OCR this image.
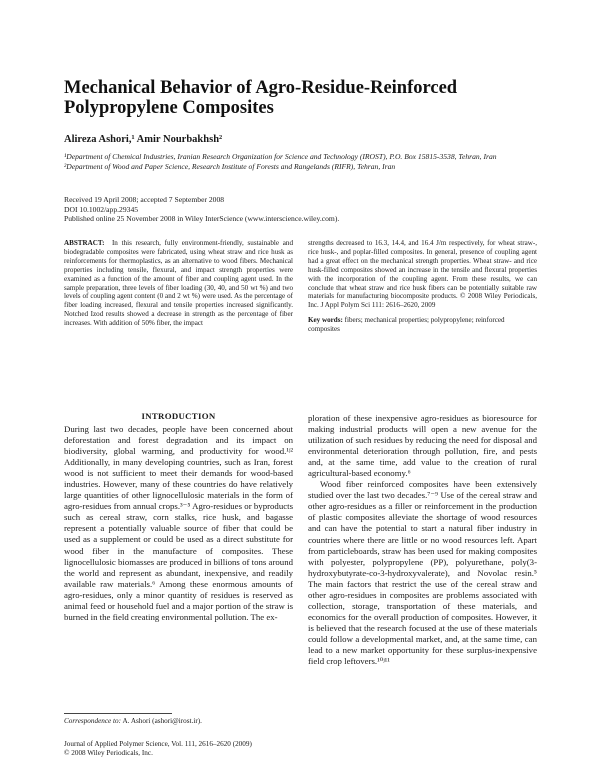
Mechanical Behavior of Agro-Residue-Reinforced Polypropylene Composites
Alireza Ashori,¹ Amir Nourbakhsh²
¹Department of Chemical Industries, Iranian Research Organization for Science and Technology (IROST), P.O. Box 15815-3538, Tehran, Iran
²Department of Wood and Paper Science, Research Institute of Forests and Rangelands (RIFR), Tehran, Iran
Received 19 April 2008; accepted 7 September 2008
DOI 10.1002/app.29345
Published online 25 November 2008 in Wiley InterScience (www.interscience.wiley.com).

ABSTRACT: In this research, fully environment-friendly, sustainable and biodegradable composites were fabricated, using wheat straw and rice husk as reinforcements for thermoplastics, as an alternative to wood fibers. Mechanical properties including tensile, flexural, and impact strength properties were examined as a function of the amount of fiber and coupling agent used. In the sample preparation, three levels of fiber loading (30, 40, and 50 wt %) and two levels of coupling agent content (0 and 2 wt %) were used. As the percentage of fiber loading increased, flexural and tensile properties increased significantly. Notched Izod results showed a decrease in strength as the percentage of fiber increases. With addition of 50% fiber, the impact

strengths decreased to 16.3, 14.4, and 16.4 J/m respectively, for wheat straw-, rice husk-, and poplar-filled composites. In general, presence of coupling agent had a great effect on the mechanical strength properties. Wheat straw- and rice husk-filled composites showed an increase in the tensile and flexural properties with the incorporation of the coupling agent. From these results, we can conclude that wheat straw and rice husk fibers can be potentially suitable raw materials for manufacturing biocomposite products. © 2008 Wiley Periodicals, Inc. J Appl Polym Sci 111: 2616–2620, 2009

Key words: fibers; mechanical properties; polypropylene; reinforced composites
INTRODUCTION

During last two decades, people have been concerned about deforestation and forest degradation and its impact on biodiversity, global warming, and productivity for wood.¹ʲ² Additionally, in many developing countries, such as Iran, forest wood is not sufficient to meet their demands for wood-based industries. However, many of these countries do have relatively large quantities of other lignocellulosic materials in the form of agro-residues from annual crops.³⁻⁵ Agro-residues or byproducts such as cereal straw, corn stalks, rice husk, and bagasse represent a potentially valuable source of fiber that could be used as a supplement or could be used as a direct substitute for wood fiber in the manufacture of composites. These lignocellulosic biomasses are produced in billions of tons around the world and represent as abundant, inexpensive, and readily available raw materials.⁶ Among these enormous amounts of agro-residues, only a minor quantity of residues is reserved as animal feed or household fuel and a major portion of the straw is burned in the field creating environmental pollution. The ex-

ploration of these inexpensive agro-residues as bioresource for making industrial products will open a new avenue for the utilization of such residues by reducing the need for disposal and environmental deterioration through pollution, fire, and pests and, at the same time, add value to the creation of rural agricultural-based economy.⁶

Wood fiber reinforced composites have been extensively studied over the last two decades.⁷⁻⁹ Use of the cereal straw and other agro-residues as a filler or reinforcement in the production of plastic composites alleviate the shortage of wood resources and can have the potential to start a natural fiber industry in countries where there are little or no wood resources left. Apart from particleboards, straw has been used for making composites with polyester, polypropylene (PP), polyurethane, poly(3-hydroxybutyrate-co-3-hydroxyvalerate), and Novolac resin.⁵ The main factors that restrict the use of the cereal straw and other agro-residues in composites are problems associated with collection, storage, transportation of these materials, and economics for the overall production of composites. However, it is believed that the research focused at the use of these materials could follow a developmental market, and, at the same time, can lead to a new market opportunity for these surplus-inexpensive field crop leftovers.¹⁰ʲ¹¹

Correspondence to: A. Ashori (ashori@irost.ir).
Journal of Applied Polymer Science, Vol. 111, 2616–2620 (2009)
© 2008 Wiley Periodicals, Inc.
